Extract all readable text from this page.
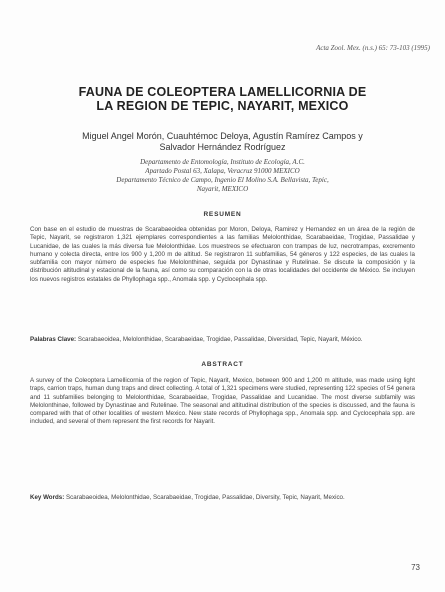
Acta Zool. Mex. (n.s.) 65: 73-103 (1995)
FAUNA DE COLEOPTERA LAMELLICORNIA DE
LA REGION DE TEPIC, NAYARIT, MEXICO
Miguel Angel Morón, Cuauhtémoc Deloya, Agustín Ramírez Campos y
Salvador Hernández Rodríguez
Departamento de Entomología, Instituto de Ecología, A.C.
Apartado Postal 63, Xalapa, Veracruz 91000 MEXICO
Departamento Técnico de Campo, Ingenio El Molino S.A. Bellavista, Tepic,
Nayarit, MEXICO
RESUMEN
Con base en el estudio de muestras de Scarabaeoidea obtenidas por Moron, Deloya, Ramirez y Hernandez en un área de la región de Tepic, Nayarit, se registraron 1,321 ejemplares correspondientes a las familias Melolonthidae, Scarabaeidae, Trogidae, Passalidae y Lucanidae, de las cuales la más diversa fue Melolonthidae. Los muestreos se efectuaron con trampas de luz, necrotrampas, excremento humano y colecta directa, entre los 900 y 1,200 m de altitud. Se registraron 11 subfamilias, 54 géneros y 122 especies, de las cuales la subfamilia con mayor número de especies fue Melolonthinae, seguida por Dynastinae y Rutelinae. Se discute la composición y la distribución altitudinal y estacional de la fauna, así como su comparación con la de otras localidades del occidente de México. Se incluyen los nuevos registros estatales de Phyllophaga spp., Anomala spp. y Cyclocephala spp.
Palabras Clave: Scarabaeoidea, Melolonthidae, Scarabaeidae, Trogidae, Passalidae, Diversidad, Tepic, Nayarit, México.
ABSTRACT
A survey of the Coleoptera Lamellicornia of the region of Tepic, Nayarit, Mexico, between 900 and 1,200 m altitude, was made using light traps, carrion traps, human dung traps and direct collecting. A total of 1,321 specimens were studied, representing 122 species of 54 genera and 11 subfamilies belonging to Melolonthidae, Scarabaeidae, Trogidae, Passalidae and Lucanidae. The most diverse subfamily was Melolonthinae, followed by Dynastinae and Rutelinae. The seasonal and altitudinal distribution of the species is discussed, and the fauna is compared with that of other localities of western Mexico. New state records of Phyllophaga spp., Anomala spp. and Cyclocephala spp. are included, and several of them represent the first records for Nayarit.
Key Words: Scarabaeoidea, Melolonthidae, Scarabaeidae, Trogidae, Passalidae, Diversity, Tepic, Nayarit, Mexico.
73
